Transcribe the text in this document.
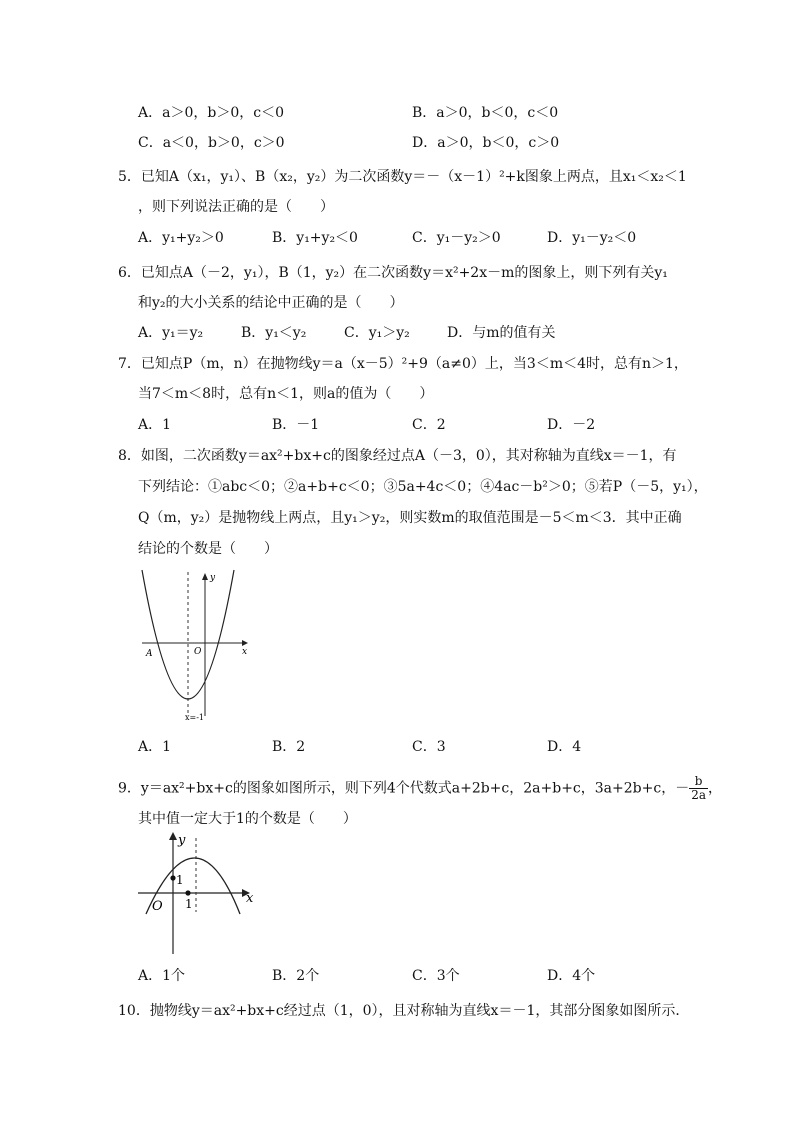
A．a＞0，b＞0，c＜0	B．a＞0，b＜0，c＜0
C．a＜0，b＞0，c＞0	D．a＞0，b＜0，c＞0
5．已知A（x₁，y₁）、B（x₂，y₂）为二次函数y＝－（x－1）²+k图象上两点，且x₁＜x₂＜1
，则下列说法正确的是（　　）
A．y₁+y₂＞0	B．y₁+y₂＜0	C．y₁－y₂＞0	D．y₁－y₂＜0
6．已知点A（－2，y₁），B（1，y₂）在二次函数y＝x²+2x－m的图象上，则下列有关y₁
和y₂的大小关系的结论中正确的是（　　）
A．y₁＝y₂	B．y₁＜y₂	C．y₁＞y₂	D．与m的值有关
7．已知点P（m，n）在抛物线y＝a（x－5）²+9（a≠0）上，当3＜m＜4时，总有n＞1，
当7＜m＜8时，总有n＜1，则a的值为（　　）
A．1	B．－1	C．2	D．－2
8．如图，二次函数y＝ax²+bx+c的图象经过点A（－3，0），其对称轴为直线x＝－1，有
下列结论：①abc＜0；②a+b+c＜0；③5a+4c＜0；④4ac－b²＞0；⑤若P（－5，y₁），
Q（m，y₂）是抛物线上两点，且y₁＞y₂，则实数m的取值范围是－5＜m＜3．其中正确
结论的个数是（　　）
A	O	x
y
x=-1
A．1	B．2	C．3	D．4
9．y＝ax²+bx+c的图象如图所示，则下列4个代数式a+2b+c，2a+b+c，3a+2b+c，－ $\frac{b}{2a}$ ，
其中值一定大于1的个数是（　　）
y
x
O
1
1
A．1个	B．2个	C．3个	D．4个
10．抛物线y＝ax²+bx+c经过点（1，0），且对称轴为直线x＝－1，其部分图象如图所示．
